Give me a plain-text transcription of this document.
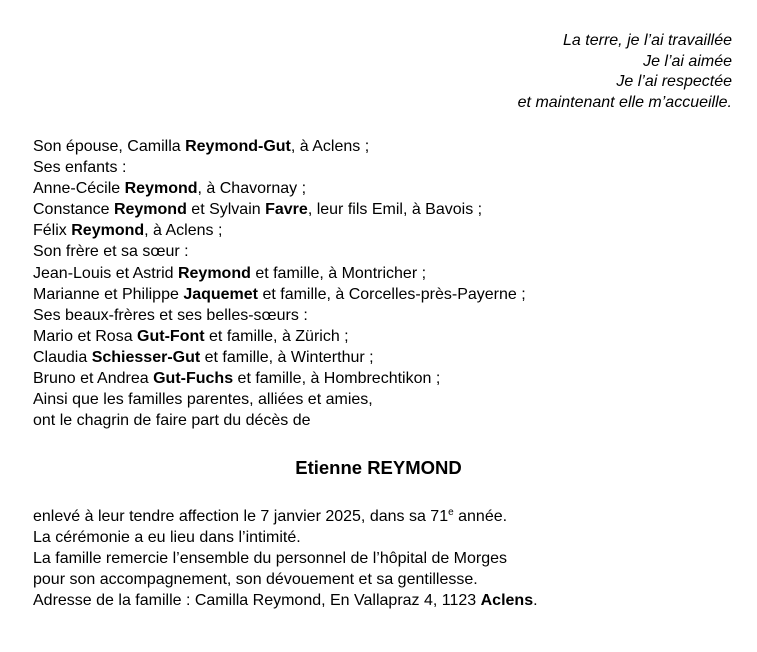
La terre, je l’ai travaillée
Je l’ai aimée
Je l’ai respectée
et maintenant elle m’accueille.
Son épouse, Camilla Reymond-Gut, à Aclens ;
Ses enfants :
Anne-Cécile Reymond, à Chavornay ;
Constance Reymond et Sylvain Favre, leur fils Emil, à Bavois ;
Félix Reymond, à Aclens ;
Son frère et sa sœur :
Jean-Louis et Astrid Reymond et famille, à Montricher ;
Marianne et Philippe Jaquemet et famille, à Corcelles-près-Payerne ;
Ses beaux-frères et ses belles-sœurs :
Mario et Rosa Gut-Font et famille, à Zürich ;
Claudia Schiesser-Gut et famille, à Winterthur ;
Bruno et Andrea Gut-Fuchs et famille, à Hombrechtikon ;
Ainsi que les familles parentes, alliées et amies,
ont le chagrin de faire part du décès de
Etienne REYMOND
enlevé à leur tendre affection le 7 janvier 2025, dans sa 71e année.
La cérémonie a eu lieu dans l’intimité.
La famille remercie l’ensemble du personnel de l’hôpital de Morges
pour son accompagnement, son dévouement et sa gentillesse.
Adresse de la famille : Camilla Reymond, En Vallapraz 4, 1123 Aclens.
